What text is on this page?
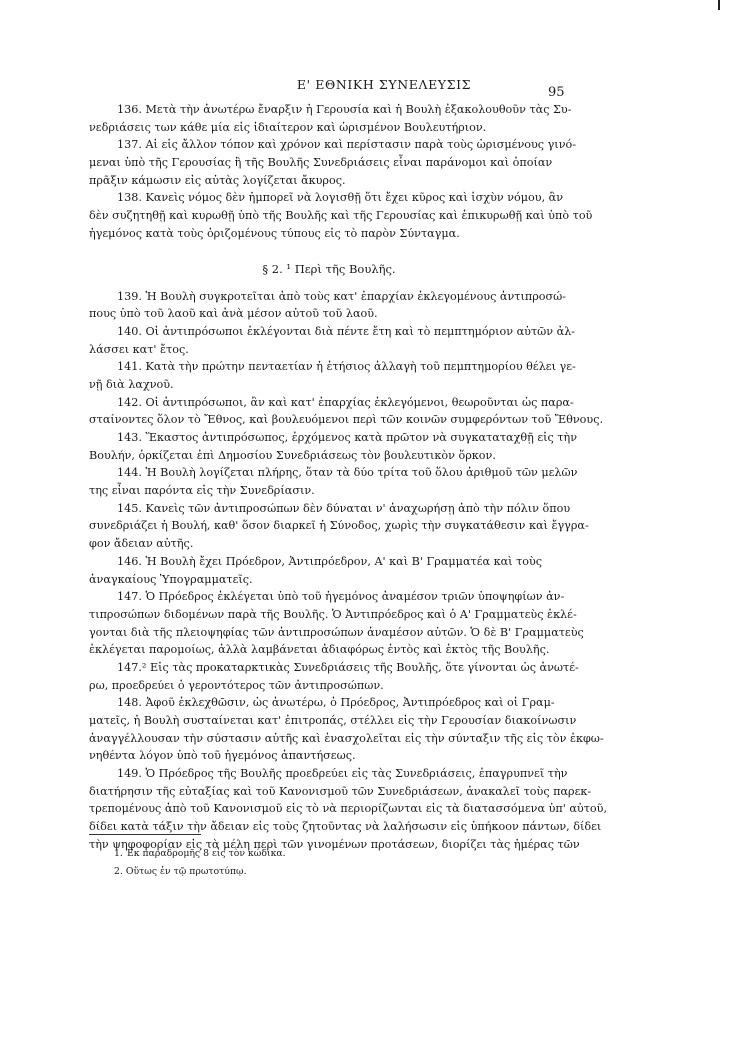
Ε' ΕΘΝΙΚΗ ΣΥΝΕΛΕΥΣΙΣ
95
136. Μετὰ τὴν ἀνωτέρω ἔναρξιν ἡ Γερουσία καὶ ἡ Βουλὴ ἐξακολουθοῦν τὰς Συ-
νεδριάσεις των κάθε μία εἰς ἰδιαίτερον καὶ ὡρισμένον Βουλευτήριον.
137. Αἱ εἰς ἄλλον τόπον καὶ χρόνον καὶ περίστασιν παρὰ τοὺς ὡρισμένους γινό-
μεναι ὑπὸ τῆς Γερουσίας ἢ τῆς Βουλῆς Συνεδριάσεις εἶναι παράνομοι καὶ ὁποίαν
πρᾶξιν κάμωσιν εἰς αὐτὰς λογίζεται ἄκυρος.
138. Κανεὶς νόμος δὲν ἠμπορεῖ νὰ λογισθῇ ὅτι ἔχει κῦρος καὶ ἰσχὺν νόμου, ἂν
δὲν συζητηθῇ καὶ κυρωθῇ ὑπὸ τῆς Βουλῆς καὶ τῆς Γερουσίας καὶ ἐπικυρωθῇ καὶ ὑπὸ τοῦ
ἡγεμόνος κατὰ τοὺς ὁριζομένους τύπους εἰς τὸ παρὸν Σύνταγμα.
§ 2. ¹ Περὶ τῆς Βουλῆς.
139. Ἡ Βουλὴ συγκροτεῖται ἀπὸ τοὺς κατ' ἐπαρχίαν ἐκλεγομένους ἀντιπροσώ-
πους ὑπὸ τοῦ λαοῦ καὶ ἀνὰ μέσον αὐτοῦ τοῦ λαοῦ.
140. Οἱ ἀντιπρόσωποι ἐκλέγονται διὰ πέντε ἔτη καὶ τὸ πεμπτημόριον αὐτῶν ἀλ-
λάσσει κατ' ἔτος.
141. Κατὰ τὴν πρώτην πενταετίαν ἡ ἐτήσιος ἀλλαγὴ τοῦ πεμπτημορίου θέλει γε-
νῇ διὰ λαχνοῦ.
142. Οἱ ἀντιπρόσωποι, ἂν καὶ κατ' ἐπαρχίας ἐκλεγόμενοι, θεωροῦνται ὡς παρα-
σταίνοντες ὅλον τὸ Ἔθνος, καὶ βουλευόμενοι περὶ τῶν κοινῶν συμφερόντων τοῦ Ἔθνους.
143. Ἕκαστος ἀντιπρόσωπος, ἐρχόμενος κατὰ πρῶτον νὰ συγκαταταχθῇ εἰς τὴν
Βουλήν, ὁρκίζεται ἐπὶ Δημοσίου Συνεδριάσεως τὸν βουλευτικὸν ὅρκον.
144. Ἡ Βουλὴ λογίζεται πλήρης, ὅταν τὰ δύο τρίτα τοῦ ὅλου ἀριθμοῦ τῶν μελῶν
της εἶναι παρόντα εἰς τὴν Συνεδρίασιν.
145. Κανεὶς τῶν ἀντιπροσώπων δὲν δύναται ν' ἀναχωρήσῃ ἀπὸ τὴν πόλιν ὅπου
συνεδριάζει ἡ Βουλή, καθ' ὅσον διαρκεῖ ἡ Σύνοδος, χωρὶς τὴν συγκατάθεσιν καὶ ἔγγρα-
φον ἄδειαν αὐτῆς.
146. Ἡ Βουλὴ ἔχει Πρόεδρον, Ἀντιπρόεδρον, Α' καὶ Β' Γραμματέα καὶ τοὺς
ἀναγκαίους Ὑπογραμματεῖς.
147. Ὁ Πρόεδρος ἐκλέγεται ὑπὸ τοῦ ἡγεμόνος ἀναμέσον τριῶν ὑποψηφίων ἀν-
τιπροσώπων διδομένων παρὰ τῆς Βουλῆς. Ὁ Ἀντιπρόεδρος καὶ ὁ Α' Γραμματεὺς ἐκλέ-
γονται διὰ τῆς πλειοψηφίας τῶν ἀντιπροσώπων ἀναμέσον αὐτῶν. Ὁ δὲ Β' Γραμματεὺς
ἐκλέγεται παρομοίως, ἀλλὰ λαμβάνεται ἀδιαφόρως ἐντὸς καὶ ἐκτὸς τῆς Βουλῆς.
147.² Εἰς τὰς προκαταρκτικὰς Συνεδριάσεις τῆς Βουλῆς, ὅτε γίνονται ὡς ἀνωτέ-
ρω, προεδρεύει ὁ γεροντότερος τῶν ἀντιπροσώπων.
148. Ἀφοῦ ἐκλεχθῶσιν, ὡς ἀνωτέρω, ὁ Πρόεδρος, Ἀντιπρόεδρος καὶ οἱ Γραμ-
ματεῖς, ἡ Βουλὴ συσταίνεται κατ' ἐπιτροπάς, στέλλει εἰς τὴν Γερουσίαν διακοίνωσιν
ἀναγγέλλουσαν τὴν σύστασιν αὐτῆς καὶ ἐνασχολεῖται εἰς τὴν σύνταξιν τῆς εἰς τὸν ἐκφω-
νηθέντα λόγον ὑπὸ τοῦ ἡγεμόνος ἀπαντήσεως.
149. Ὁ Πρόεδρος τῆς Βουλῆς προεδρεύει εἰς τὰς Συνεδριάσεις, ἐπαγρυπνεῖ τὴν
διατήρησιν τῆς εὐταξίας καὶ τοῦ Κανονισμοῦ τῶν Συνεδριάσεων, ἀνακαλεῖ τοὺς παρεκ-
τρεπομένους ἀπὸ τοῦ Κανονισμοῦ εἰς τὸ νὰ περιορίζωνται εἰς τὰ διατασσόμενα ὑπ' αὐτοῦ,
δίδει κατὰ τάξιν τὴν ἄδειαν εἰς τοὺς ζητοῦντας νὰ λαλήσωσιν εἰς ὑπήκοον πάντων, δίδει
τὴν ψηφοφορίαν εἰς τὰ μέλη περὶ τῶν γινομένων προτάσεων, διορίζει τὰς ἡμέρας τῶν
1. Ἐκ παραδρομῆς 8 εἰς τὸν κώδικα.
2. Οὕτως ἐν τῷ πρωτοτύπῳ.
